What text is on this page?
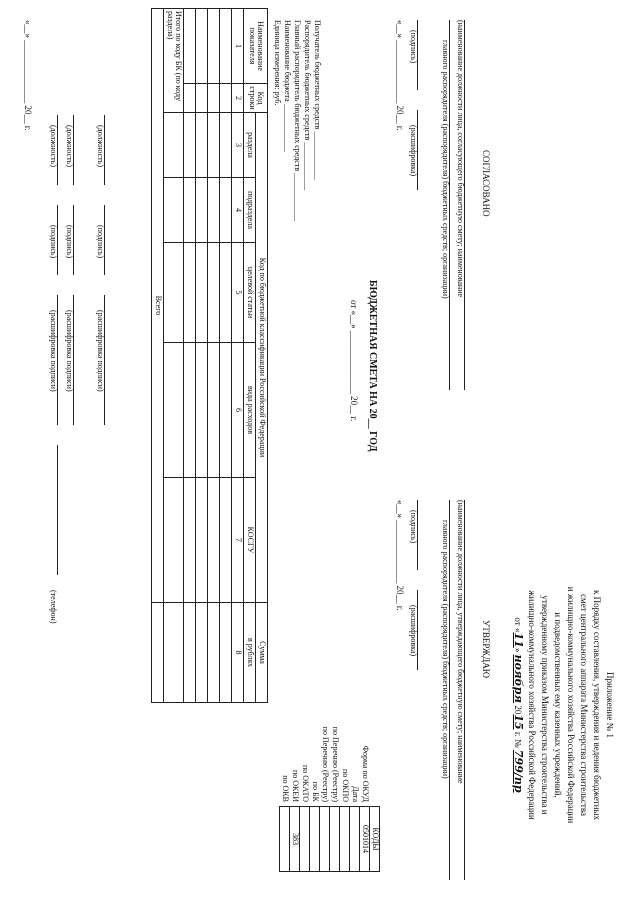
Приложение № 1
к Порядку составления, утверждения и ведения бюджетных
смет центрального аппарата Министерства строительства
и жилищно-коммунального хозяйства Российской Федерации
и подведомственных ему казенных учреждений,
утвержденному приказом Министерства строительства и
жилищно-коммунального хозяйства Российской Федерации
от «11» ноября 2015 г. № 799/пр
СОГЛАСОВАНО
(наименование должности лица, согласующего бюджетную смету; наименование
главного распорядителя (распорядителя) бюджетных средств; организации)
(подпись)
(расшифровка)
«__» ______________ 20__ г.
УТВЕРЖДАЮ
(наименование должности лица, утверждающего бюджетную смету; наименование
главного распорядителя (распорядителя) бюджетных средств; организации)
(подпись)
(расшифровка)
«__» ______________ 20__ г.
БЮДЖЕТНАЯ СМЕТА НА 20__ ГОД
от «__» ______________ 20__ г.
	КОДЫ
Форма по ОКУД	0501014
Дата	
по ОКПО	
по Перечню (Реестру)	
по Перечню (Реестру)	
по БК	
по ОКАТО	
по ОКЕИ	383
по ОКВ	
Получатель бюджетных средств ____________
Распорядитель бюджетных средств ____________
Главный распорядитель бюджетных средств ____________
Наименование бюджета ____________
Единица измерения: руб.
Наименование показателя	Код строки	Код по бюджетной классификации Российской Федерации					Сумма
		раздела	подраздела	целевой статьи	вида расходов	КОСГУ	в рублях
1	2	3	4	5	6	7	8

Итого по коду БК (по коду раздела)							
Всего							
(должность)
(подпись)
(расшифровка подписи)
(должность)
(подпись)
(расшифровка подписи)
(должность)
(подпись)
(расшифровка подписи)
(телефон)
«__» ______________ 20__ г.
